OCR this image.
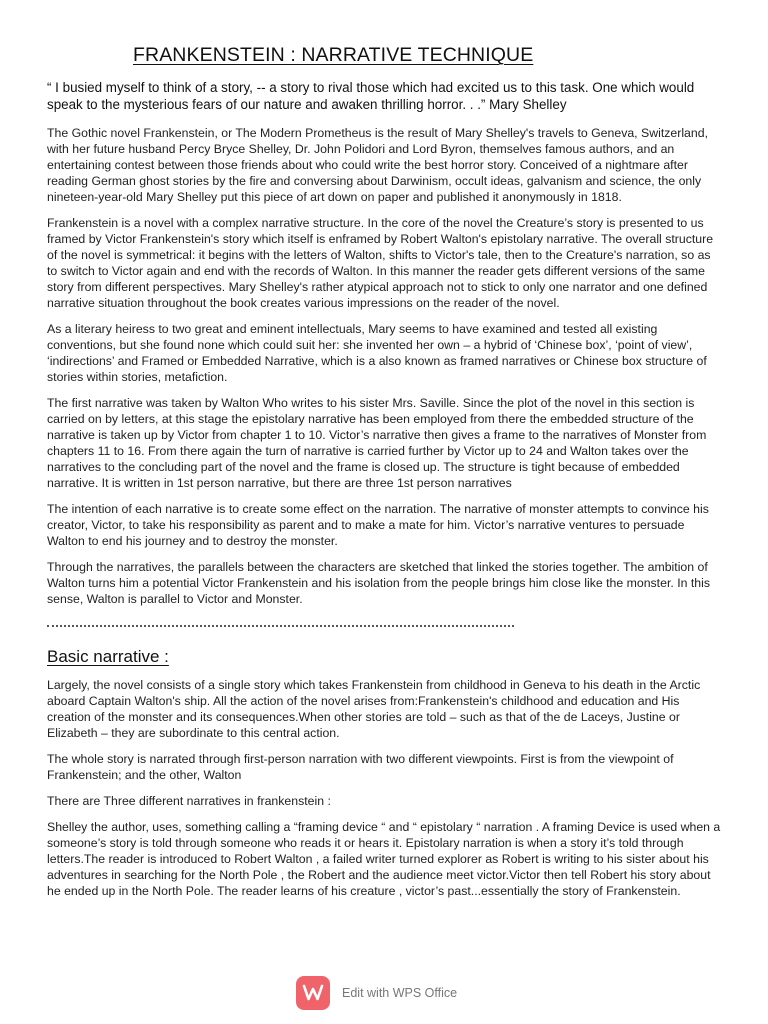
FRANKENSTEIN : NARRATIVE TECHNIQUE

“ I busied myself to think of a story, -- a story to rival those which had excited us to this task. One which would speak to the mysterious fears of our nature and awaken thrilling horror. . .” Mary Shelley

The Gothic novel Frankenstein, or The Modern Prometheus is the result of Mary Shelley's travels to Geneva, Switzerland, with her future husband Percy Bryce Shelley, Dr. John Polidori and Lord Byron, themselves famous authors, and an entertaining contest between those friends about who could write the best horror story. Conceived of a nightmare after reading German ghost stories by the fire and conversing about Darwinism, occult ideas, galvanism and science, the only nineteen-year-old Mary Shelley put this piece of art down on paper and published it anonymously in 1818.

Frankenstein is a novel with a complex narrative structure. In the core of the novel the Creature’s story is presented to us framed by Victor Frankenstein's story which itself is enframed by Robert Walton's epistolary narrative. The overall structure of the novel is symmetrical: it begins with the letters of Walton, shifts to Victor's tale, then to the Creature's narration, so as to switch to Victor again and end with the records of Walton. In this manner the reader gets different versions of the same story from different perspectives. Mary Shelley's rather atypical approach not to stick to only one narrator and one defined narrative situation throughout the book creates various impressions on the reader of the novel.

As a literary heiress to two great and eminent intellectuals, Mary seems to have examined and tested all existing conventions, but she found none which could suit her: she invented her own – a hybrid of ‘Chinese box’, ‘point of view’, ‘indirections’ and Framed or Embedded Narrative, which is a also known as framed narratives or Chinese box structure of stories within stories, metafiction.

The first narrative was taken by Walton Who writes to his sister Mrs. Saville. Since the plot of the novel in this section is carried on by letters, at this stage the epistolary narrative has been employed from there the embedded structure of the narrative is taken up by Victor from chapter 1 to 10. Victor’s narrative then gives a frame to the narratives of Monster from chapters 11 to 16. From there again the turn of narrative is carried further by Victor up to 24 and Walton takes over the narratives to the concluding part of the novel and the frame is closed up. The structure is tight because of embedded narrative. It is written in 1st person narrative, but there are three 1st person narratives

The intention of each narrative is to create some effect on the narration. The narrative of monster attempts to convince his creator, Victor, to take his responsibility as parent and to make a mate for him. Victor’s narrative ventures to persuade Walton to end his journey and to destroy the monster.

Through the narratives, the parallels between the characters are sketched that linked the stories together. The ambition of Walton turns him a potential Victor Frankenstein and his isolation from the people brings him close like the monster. In this sense, Walton is parallel to Victor and Monster.

Basic narrative :

Largely, the novel consists of a single story which takes Frankenstein from childhood in Geneva to his death in the Arctic aboard Captain Walton's ship. All the action of the novel arises from:Frankenstein's childhood and education and His creation of the monster and its consequences.When other stories are told – such as that of the de Laceys, Justine or Elizabeth – they are subordinate to this central action.

The whole story is narrated through first-person narration with two different viewpoints. First is from the viewpoint of Frankenstein; and the other, Walton

There are Three different narratives in frankenstein :

Shelley the author, uses, something calling a “framing device “ and “ epistolary “ narration . A framing Device is used when a someone’s story is told through someone who reads it or hears it. Epistolary narration is when a story it’s told through letters.The reader is introduced to Robert Walton , a failed writer turned explorer as Robert is writing to his sister about his adventures in searching for the North Pole , the Robert and the audience meet victor.Victor then tell Robert his story about he ended up in the North Pole. The reader learns of his creature , victor’s past...essentially the story of Frankenstein.

Edit with WPS Office
